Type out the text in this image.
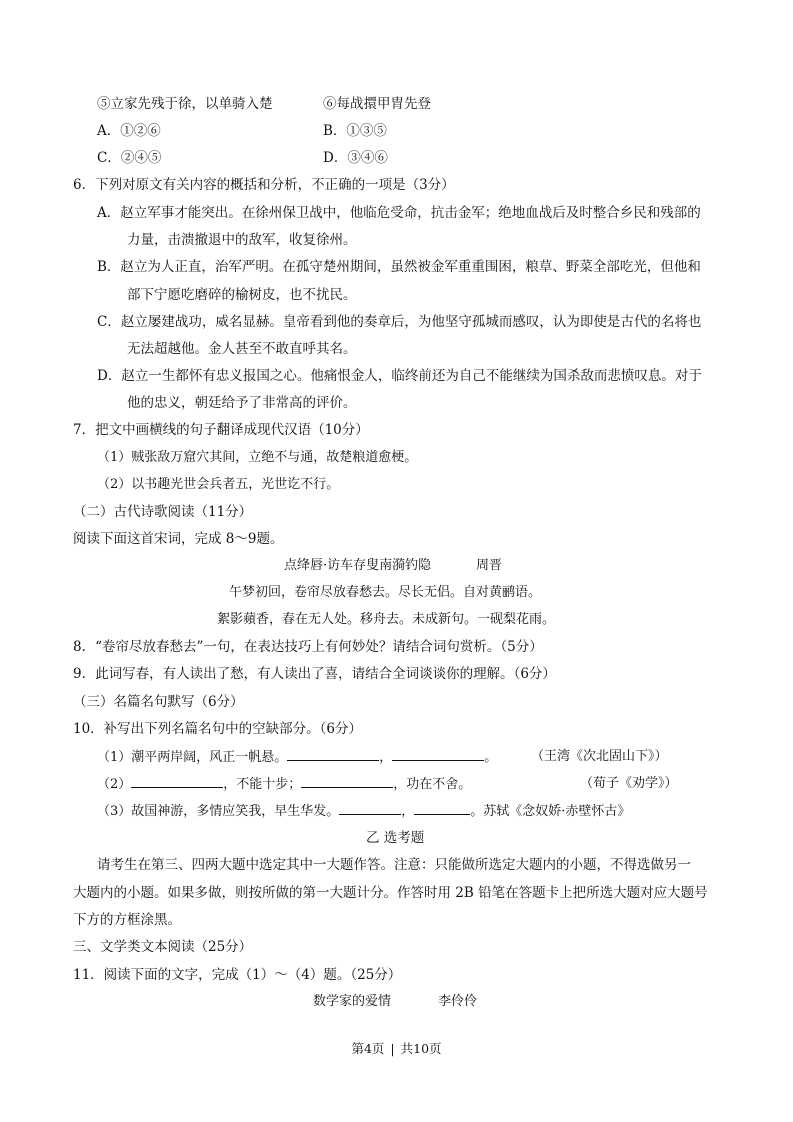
⑤立家先残于徐，以单骑入楚	⑥每战擐甲胄先登
A．①②⑥	B．①③⑤
C．②④⑤	D．③④⑥
6．下列对原文有关内容的概括和分析，不正确的一项是（3分）
A．赵立军事才能突出。在徐州保卫战中，他临危受命，抗击金军；绝地血战后及时整合乡民和残部的
力量，击溃撤退中的敌军，收复徐州。
B．赵立为人正直，治军严明。在孤守楚州期间，虽然被金军重重围困，粮草、野菜全部吃光，但他和
部下宁愿吃磨碎的榆树皮，也不扰民。
C．赵立屡建战功，威名显赫。皇帝看到他的奏章后，为他坚守孤城而感叹，认为即使是古代的名将也
无法超越他。金人甚至不敢直呼其名。
D．赵立一生都怀有忠义报国之心。他痛恨金人，临终前还为自己不能继续为国杀敌而悲愤叹息。对于
他的忠义，朝廷给予了非常高的评价。
7．把文中画横线的句子翻译成现代汉语（10分）
（1）贼张敌万窟穴其间，立绝不与通，故楚粮道愈梗。
（2）以书趣光世会兵者五，光世讫不行。
（二）古代诗歌阅读（11分）
阅读下面这首宋词，完成 8～9题。
点绛唇·访车存叟南漪钓隐	周晋
午梦初回，卷帘尽放春愁去。尽长无侣。自对黄鹂语。
絮影蘋香，春在无人处。移舟去。未成新句。一砚梨花雨。
8．“卷帘尽放春愁去”一句，在表达技巧上有何妙处？请结合词句赏析。（5分）
9．此词写春，有人读出了愁，有人读出了喜，请结合全词谈谈你的理解。（6分）
（三）名篇名句默写（6分）
10．补写出下列名篇名句中的空缺部分。（6分）
（1）潮平两岸阔，风正一帆悬。	，	。	（王湾《次北固山下》）
（2）	，不能十步；	，功在不舍。	（荀子《劝学》）
（3）故国神游，多情应笑我，早生华发。	，	。苏轼《念奴娇·赤壁怀古》
乙 选考题
请考生在第三、四两大题中选定其中一大题作答。注意：只能做所选定大题内的小题，不得选做另一
大题内的小题。如果多做，则按所做的第一大题计分。作答时用 2B 铅笔在答题卡上把所选大题对应大题号
下方的方框涂黑。
三、文学类文本阅读（25分）
11．阅读下面的文字，完成（1）～（4）题。（25分）
数学家的爱情	李伶伶
第4页 | 共10页
